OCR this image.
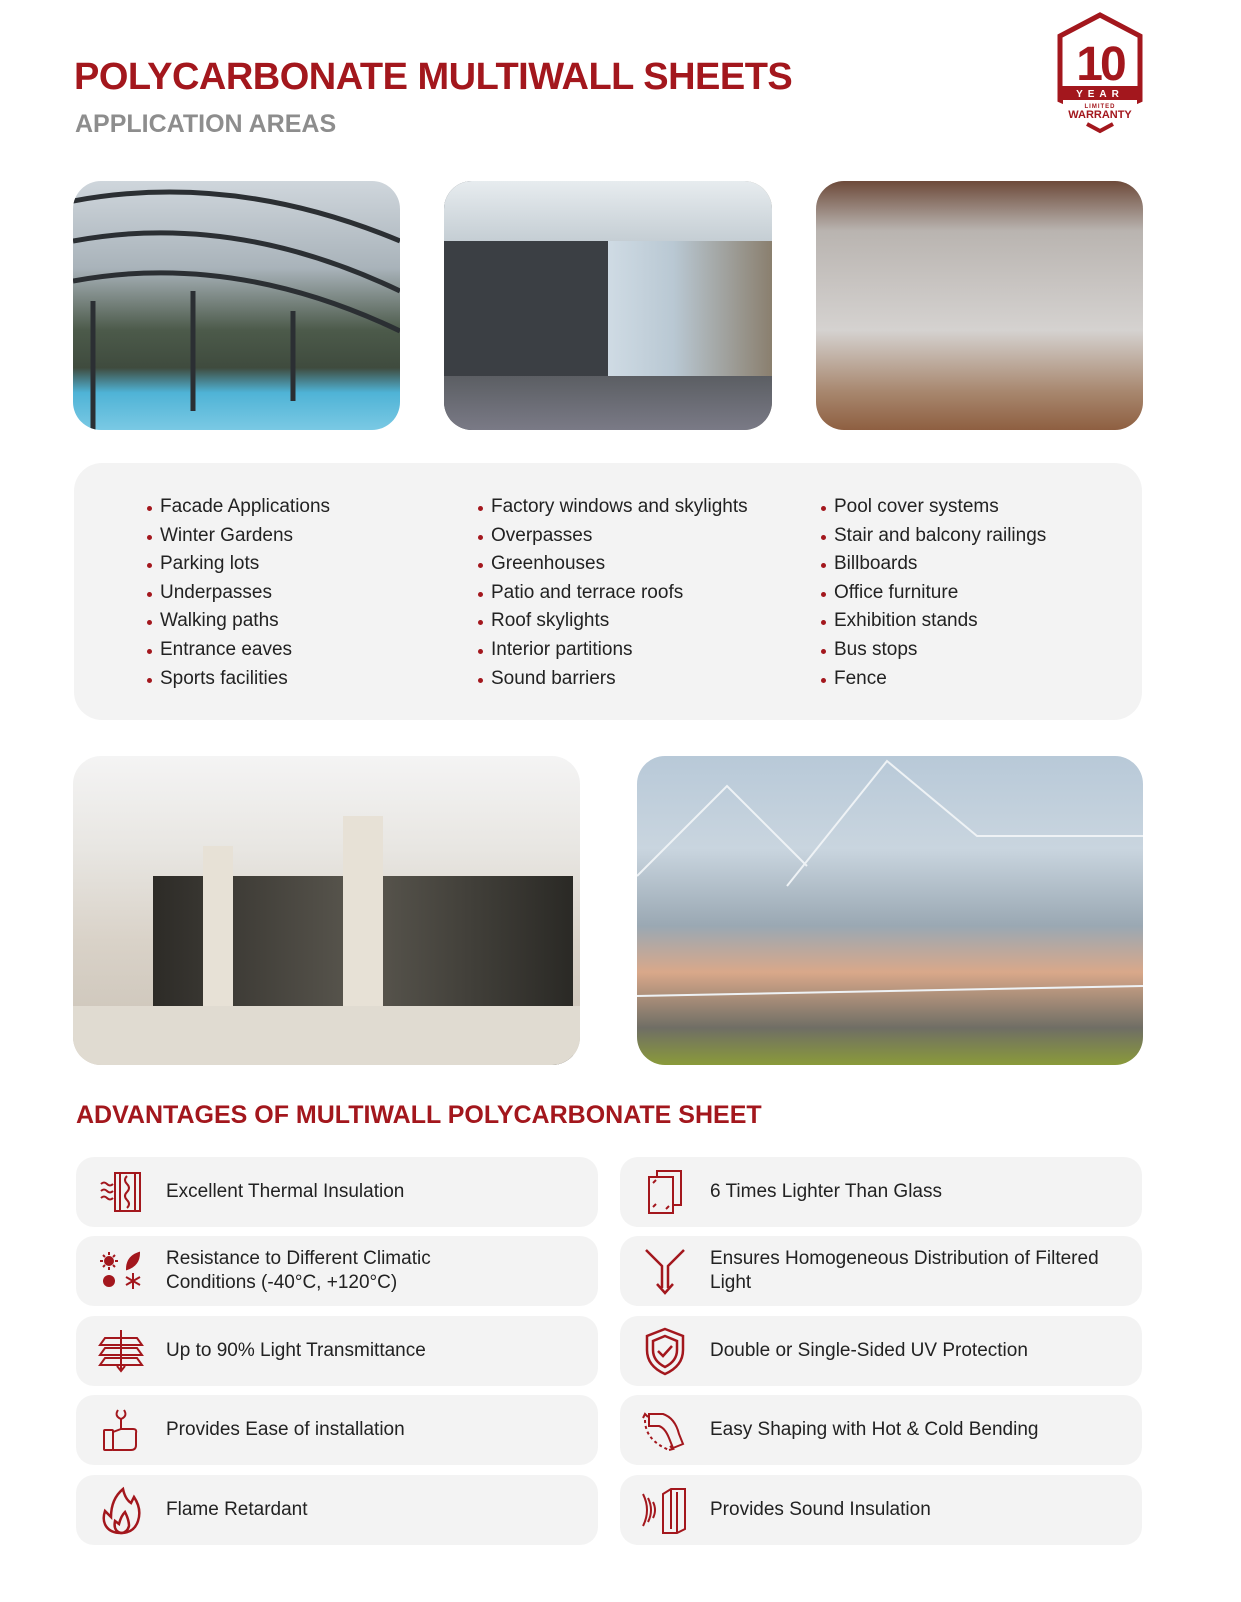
POLYCARBONATE MULTIWALL SHEETS
APPLICATION AREAS
10
YEAR
LIMITED
WARRANTY
Facade Applications
Winter Gardens
Parking lots
Underpasses
Walking paths
Entrance eaves
Sports facilities
Factory windows and skylights
Overpasses
Greenhouses
Patio and terrace roofs
Roof skylights
Interior partitions
Sound barriers
Pool cover systems
Stair and balcony railings
Billboards
Office furniture
Exhibition stands
Bus stops
Fence
ADVANTAGES OF MULTIWALL POLYCARBONATE SHEET
Excellent Thermal Insulation
Resistance to Different Climatic Conditions (-40°C, +120°C)
Up to 90% Light Transmittance
Provides Ease of installation
Flame Retardant
6 Times Lighter Than Glass
Ensures Homogeneous Distribution of Filtered Light
Double or Single-Sided UV Protection
Easy Shaping with Hot & Cold Bending
Provides Sound Insulation
